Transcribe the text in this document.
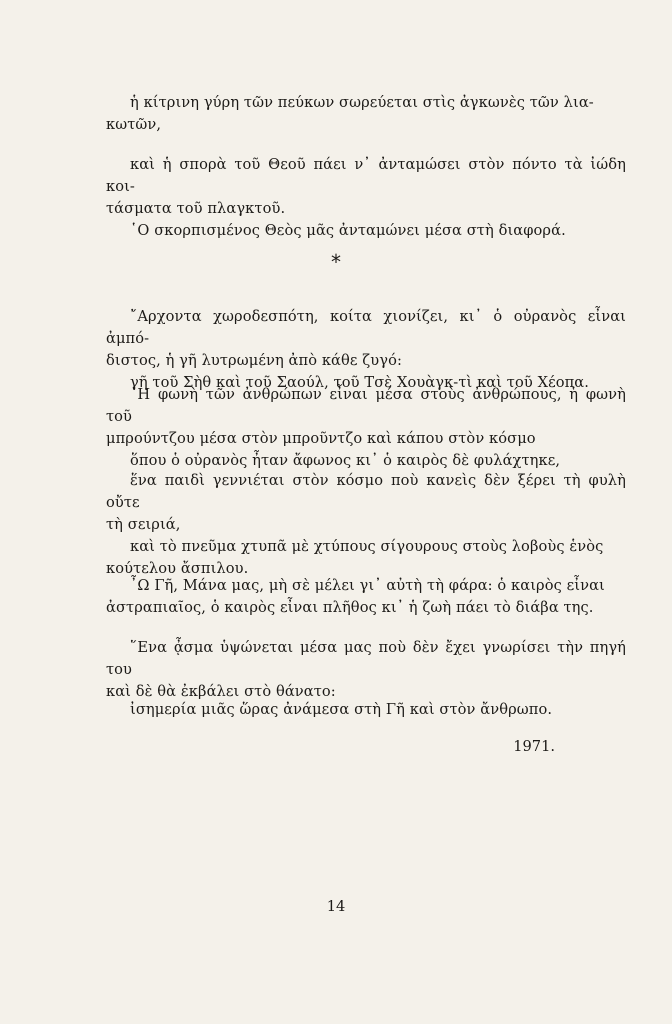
ἡ κίτρινη γύρη τῶν πεύκων σωρεύεται στὶς ἀγκωνὲς τῶν λια-

κωτῶν,

καὶ ἡ σπορὰ τοῦ Θεοῦ πάει ν᾽ ἀνταμώσει στὸν πόντο τὰ ἰώδη κοι-

τάσματα τοῦ πλαγκτοῦ.

῾Ο σκορπισμένος Θεὸς μᾶς ἀνταμώνει μέσα στὴ διαφορά.

*

῎Αρχοντα χωροδεσπότη, κοίτα χιονίζει, κι᾽ ὁ οὐρανὸς εἶναι ἀμπό-

διστος, ἡ γῆ λυτρωμένη ἀπὸ κάθε ζυγό:

γῆ τοῦ Σὴθ καὶ τοῦ Σαούλ, τοῦ Τσὲ Χουὰγκ-τὶ καὶ τοῦ Χέοπα.

῾Η φωνὴ τῶν ἀνθρώπων εἶναι μέσα στοὺς ἀνθρώπους, ἡ φωνὴ τοῦ

μπρούντζου μέσα στὸν μπροῦντζο καὶ κάπου στὸν κόσμο

ὅπου ὁ οὐρανὸς ἦταν ἄφωνος κι᾽ ὁ καιρὸς δὲ φυλάχτηκε,

ἕνα παιδὶ γεννιέται στὸν κόσμο ποὺ κανεὶς δὲν ξέρει τὴ φυλὴ οὔτε

τὴ σειριά,

καὶ τὸ πνεῦμα χτυπᾶ μὲ χτύπους σίγουρους στοὺς λοβοὺς ἑνὸς

κούτελου ἄσπιλου.

῏Ω Γῆ, Μάνα μας, μὴ σὲ μέλει γι᾽ αὐτὴ τὴ φάρα: ὁ καιρὸς εἶναι

ἀστραπιαῖος, ὁ καιρὸς εἶναι πλῆθος κι᾽ ἡ ζωὴ πάει τὸ διάβα της.

῞Ενα ᾆσμα ὑψώνεται μέσα μας ποὺ δὲν ἔχει γνωρίσει τὴν πηγή του

καὶ δὲ θὰ ἐκβάλει στὸ θάνατο:

ἰσημερία μιᾶς ὥρας ἀνάμεσα στὴ Γῆ καὶ στὸν ἄνθρωπο.

1971.
14
